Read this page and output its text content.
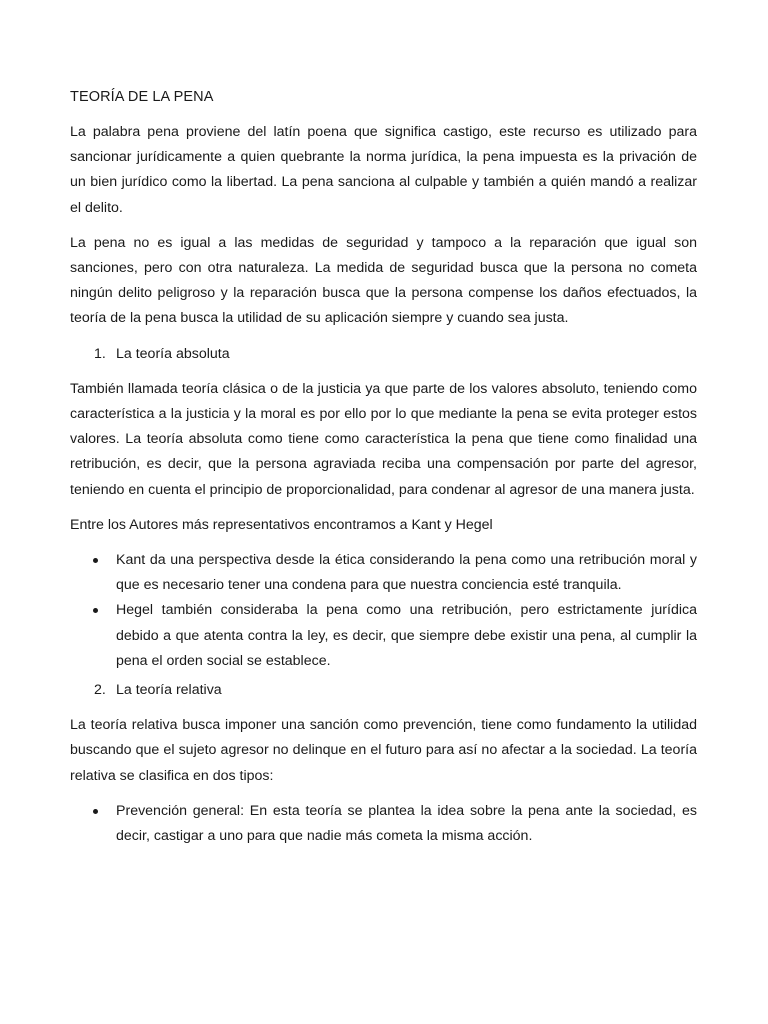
TEORÍA DE LA PENA

La palabra pena proviene del latín poena que significa castigo, este recurso es utilizado para sancionar jurídicamente a quien quebrante la norma jurídica, la pena impuesta es la privación de un bien jurídico como la libertad. La pena sanciona al culpable y también a quién mandó a realizar el delito.

La pena no es igual a las medidas de seguridad y tampoco a la reparación que igual son sanciones, pero con otra naturaleza. La medida de seguridad busca que la persona no cometa ningún delito peligroso y la reparación busca que la persona compense los daños efectuados, la teoría de la pena busca la utilidad de su aplicación siempre y cuando sea justa.

1. La teoría absoluta

También llamada teoría clásica o de la justicia ya que parte de los valores absoluto, teniendo como característica a la justicia y la moral es por ello por lo que mediante la pena se evita proteger estos valores. La teoría absoluta como tiene como característica la pena que tiene como finalidad una retribución, es decir, que la persona agraviada reciba una compensación por parte del agresor, teniendo en cuenta el principio de proporcionalidad, para condenar al agresor de una manera justa.

Entre los Autores más representativos encontramos a Kant y Hegel

Kant da una perspectiva desde la ética considerando la pena como una retribución moral y que es necesario tener una condena para que nuestra conciencia esté tranquila.
Hegel también consideraba la pena como una retribución, pero estrictamente jurídica debido a que atenta contra la ley, es decir, que siempre debe existir una pena, al cumplir la pena el orden social se establece.
2. La teoría relativa

La teoría relativa busca imponer una sanción como prevención, tiene como fundamento la utilidad buscando que el sujeto agresor no delinque en el futuro para así no afectar a la sociedad. La teoría relativa se clasifica en dos tipos:

Prevención general: En esta teoría se plantea la idea sobre la pena ante la sociedad, es decir, castigar a uno para que nadie más cometa la misma acción.
